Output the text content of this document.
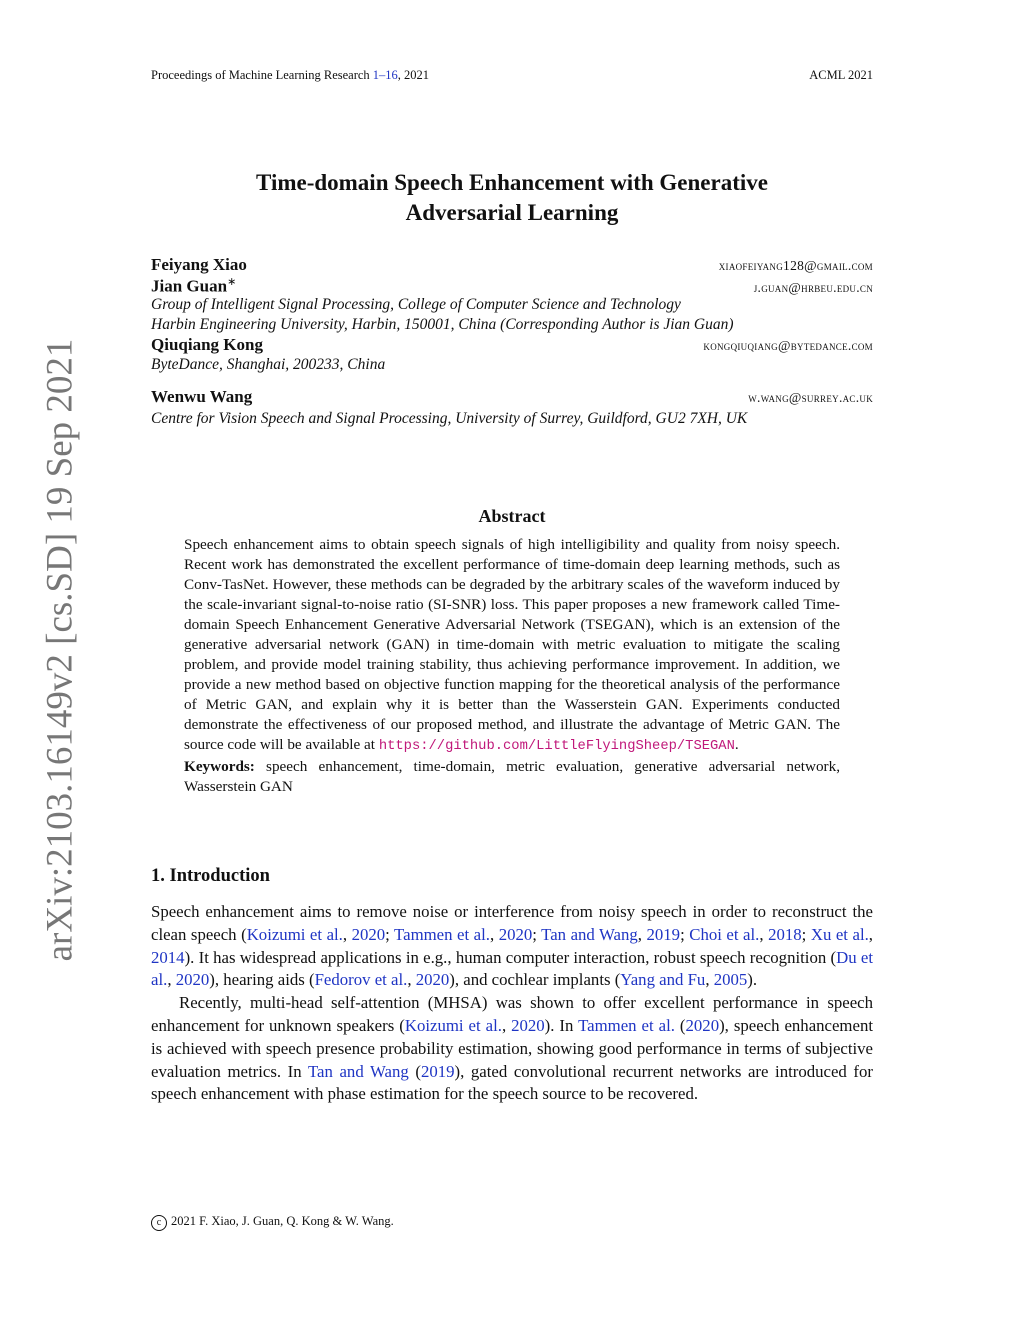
Proceedings of Machine Learning Research 1–16, 2021	ACML 2021
Time-domain Speech Enhancement with Generative
Adversarial Learning
Feiyang Xiao	xiaofeiyang128@gmail.com
Jian Guan∗	j.guan@hrbeu.edu.cn
Group of Intelligent Signal Processing, College of Computer Science and Technology
Harbin Engineering University, Harbin, 150001, China (Corresponding Author is Jian Guan)
Qiuqiang Kong	kongqiuqiang@bytedance.com
ByteDance, Shanghai, 200233, China
Wenwu Wang	w.wang@surrey.ac.uk
Centre for Vision Speech and Signal Processing, University of Surrey, Guildford, GU2 7XH, UK
Abstract
Speech enhancement aims to obtain speech signals of high intelligibility and quality from noisy speech. Recent work has demonstrated the excellent performance of time-domain deep learning methods, such as Conv-TasNet. However, these methods can be degraded by the arbitrary scales of the waveform induced by the scale-invariant signal-to-noise ratio (SI-SNR) loss. This paper proposes a new framework called Time-domain Speech Enhancement Generative Adversarial Network (TSEGAN), which is an extension of the generative adversarial network (GAN) in time-domain with metric evaluation to mitigate the scaling problem, and provide model training stability, thus achieving performance improvement. In addition, we provide a new method based on objective function mapping for the theoretical analysis of the performance of Metric GAN, and explain why it is better than the Wasserstein GAN. Experiments conducted demonstrate the effectiveness of our proposed method, and illustrate the advantage of Metric GAN. The source code will be available at https://github.com/LittleFlyingSheep/TSEGAN.
Keywords: speech enhancement, time-domain, metric evaluation, generative adversarial network, Wasserstein GAN
1. Introduction

Speech enhancement aims to remove noise or interference from noisy speech in order to reconstruct the clean speech (Koizumi et al., 2020; Tammen et al., 2020; Tan and Wang, 2019; Choi et al., 2018; Xu et al., 2014). It has widespread applications in e.g., human computer interaction, robust speech recognition (Du et al., 2020), hearing aids (Fedorov et al., 2020), and cochlear implants (Yang and Fu, 2005).

Recently, multi-head self-attention (MHSA) was shown to offer excellent performance in speech enhancement for unknown speakers (Koizumi et al., 2020). In Tammen et al. (2020), speech enhancement is achieved with speech presence probability estimation, showing good performance in terms of subjective evaluation metrics. In Tan and Wang (2019), gated convolutional recurrent networks are introduced for speech enhancement with phase estimation for the speech source to be recovered.

arXiv:2103.16149v2 [cs.SD] 19 Sep 2021
c 2021 F. Xiao, J. Guan, Q. Kong & W. Wang.
